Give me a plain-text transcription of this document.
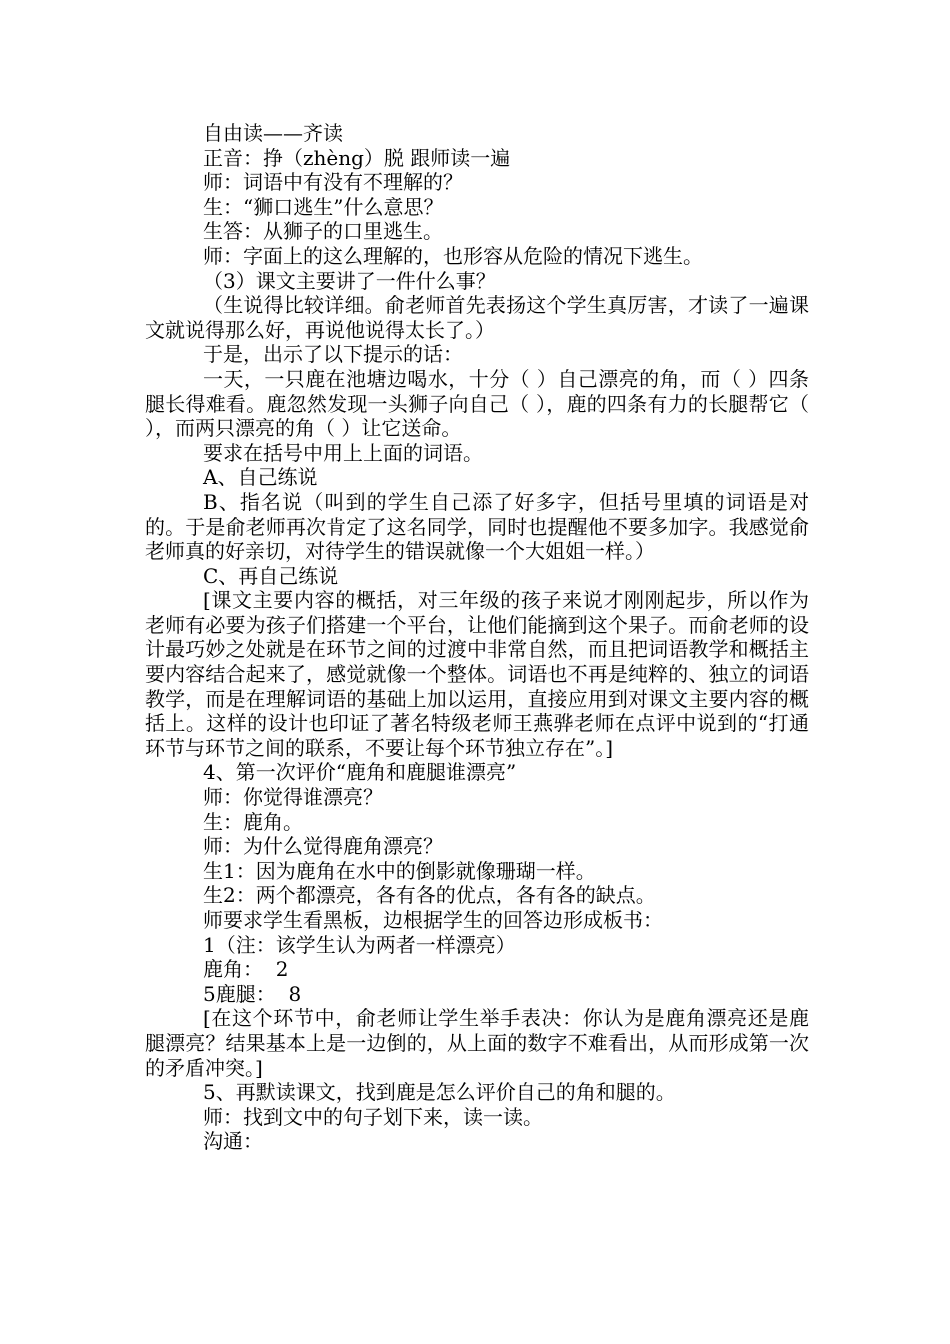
自由读——齐读

正音：挣（zhèng）脱 跟师读一遍

师：词语中有没有不理解的？

生：“狮口逃生”什么意思？

生答：从狮子的口里逃生。

师：字面上的这么理解的，也形容从危险的情况下逃生。

（3）课文主要讲了一件什么事？

（生说得比较详细。俞老师首先表扬这个学生真厉害，才读了一遍课文就说得那么好，再说他说得太长了。）

于是，出示了以下提示的话：

一天，一只鹿在池塘边喝水，十分（ ）自己漂亮的角，而（ ）四条腿长得难看。鹿忽然发现一头狮子向自己（ ），鹿的四条有力的长腿帮它（ ），而两只漂亮的角（ ）让它送命。

要求在括号中用上上面的词语。

A、自己练说

B、指名说（叫到的学生自己添了好多字，但括号里填的词语是对的。于是俞老师再次肯定了这名同学，同时也提醒他不要多加字。我感觉俞老师真的好亲切，对待学生的错误就像一个大姐姐一样。）

C、再自己练说

[课文主要内容的概括，对三年级的孩子来说才刚刚起步，所以作为老师有必要为孩子们搭建一个平台，让他们能摘到这个果子。而俞老师的设计最巧妙之处就是在环节之间的过渡中非常自然，而且把词语教学和概括主要内容结合起来了，感觉就像一个整体。词语也不再是纯粹的、独立的词语教学，而是在理解词语的基础上加以运用，直接应用到对课文主要内容的概括上。这样的设计也印证了著名特级老师王燕骅老师在点评中说到的“打通环节与环节之间的联系，不要让每个环节独立存在”。]

4、第一次评价“鹿角和鹿腿谁漂亮”

师：你觉得谁漂亮？

生：鹿角。

师：为什么觉得鹿角漂亮？

生1：因为鹿角在水中的倒影就像珊瑚一样。

生2：两个都漂亮，各有各的优点，各有各的缺点。

师要求学生看黑板，边根据学生的回答边形成板书：

1（注：该学生认为两者一样漂亮）

鹿角：  2

5鹿腿：  8

[在这个环节中，俞老师让学生举手表决：你认为是鹿角漂亮还是鹿腿漂亮？结果基本上是一边倒的，从上面的数字不难看出，从而形成第一次的矛盾冲突。]

5、再默读课文，找到鹿是怎么评价自己的角和腿的。

师：找到文中的句子划下来，读一读。

沟通：
